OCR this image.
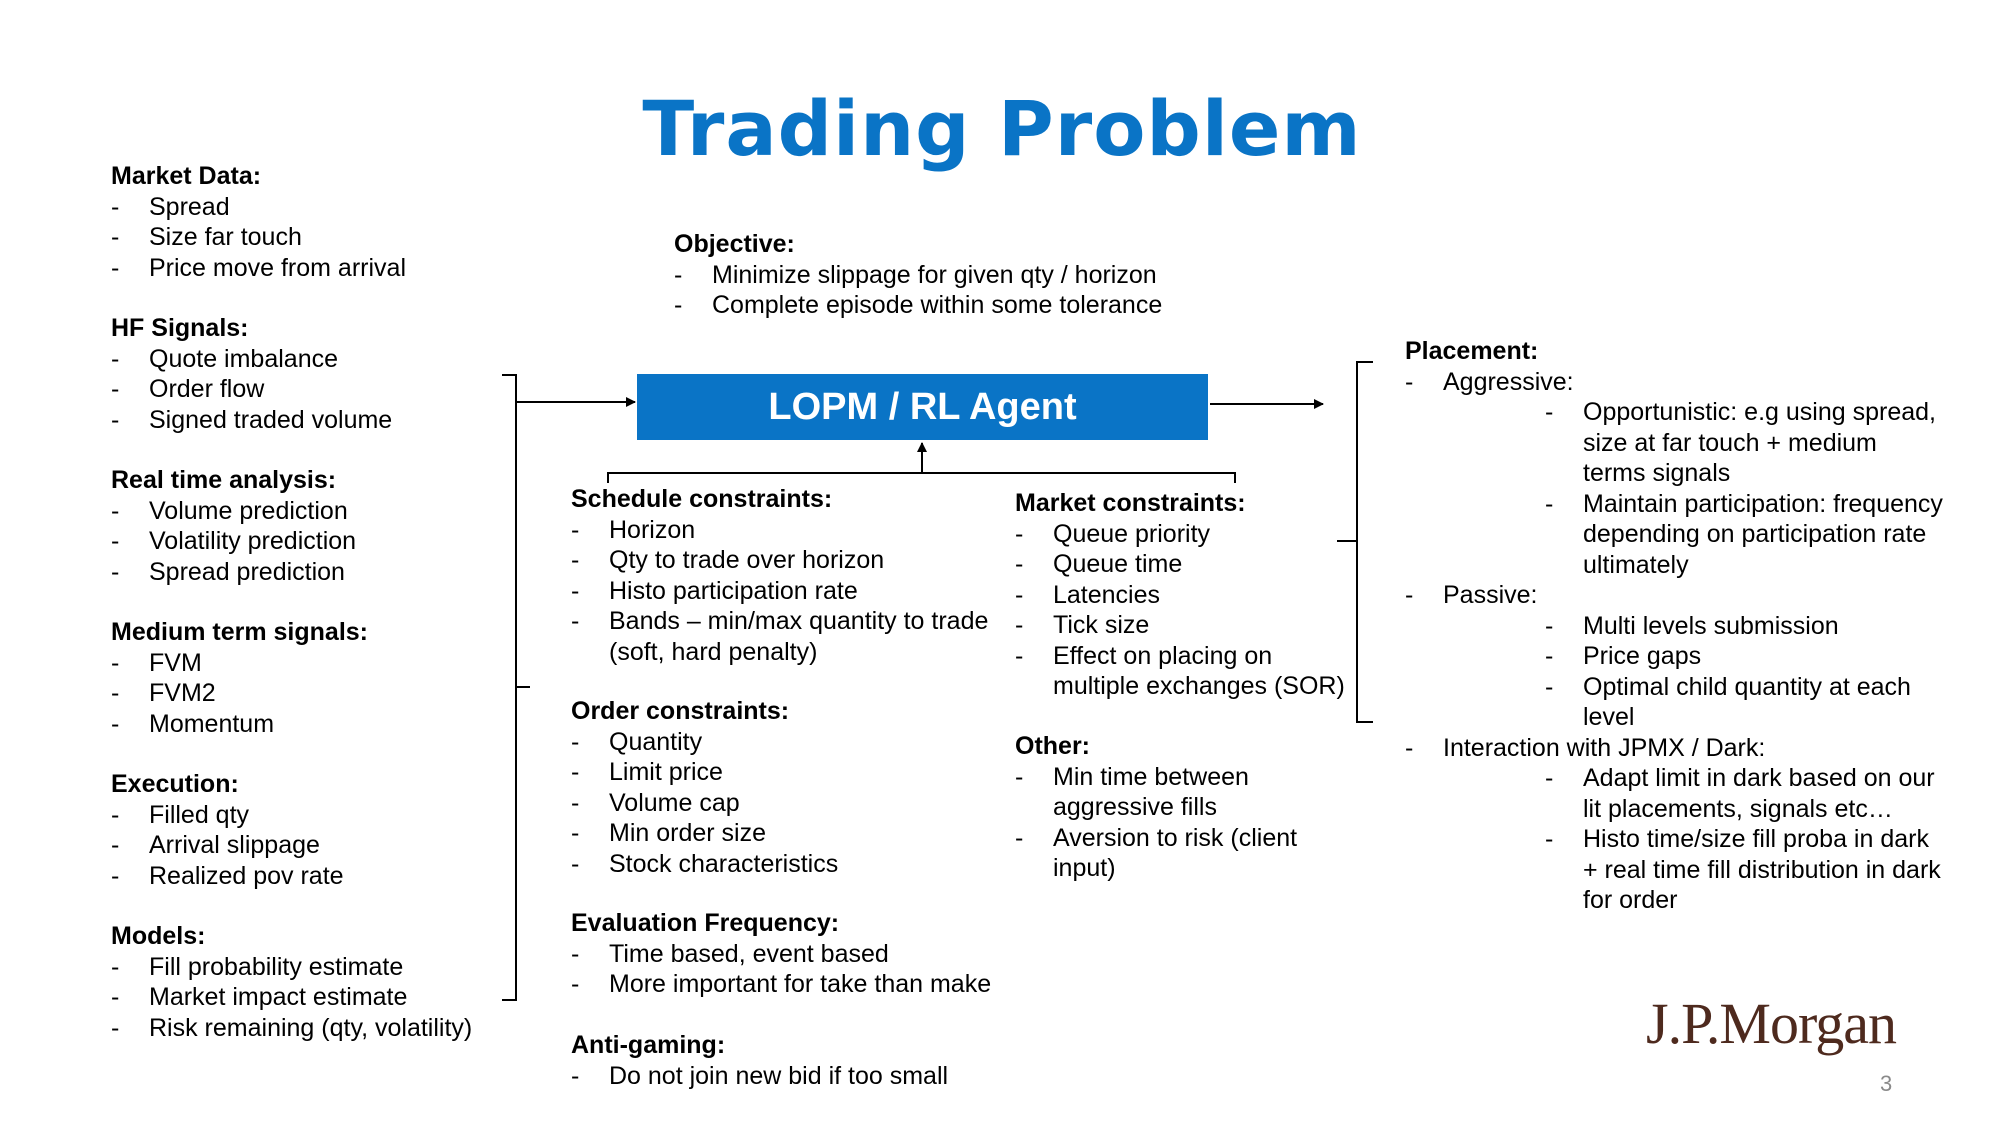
Trading Problem
Market Data:
- Spread
- Size far touch
- Price move from arrival
HF Signals:
- Quote imbalance
- Order flow
- Signed traded volume
Real time analysis:
- Volume prediction
- Volatility prediction
- Spread prediction
Medium term signals:
- FVM
- FVM2
- Momentum
Execution:
- Filled qty
- Arrival slippage
- Realized pov rate
Models:
- Fill probability estimate
- Market impact estimate
- Risk remaining (qty, volatility)
Objective:
- Minimize slippage for given qty / horizon
- Complete episode within some tolerance
LOPM / RL Agent
Schedule constraints:
- Horizon
- Qty to trade over horizon
- Histo participation rate
- Bands – min/max quantity to trade (soft, hard penalty)
Order constraints:
- Quantity
- Limit price
- Volume cap
- Min order size
- Stock characteristics
Evaluation Frequency:
- Time based, event based
- More important for take than make
Anti-gaming:
- Do not join new bid if too small
Market constraints:
- Queue priority
- Queue time
- Latencies
- Tick size
- Effect on placing on multiple exchanges (SOR)
Other:
- Min time between aggressive fills
- Aversion to risk (client input)
Placement:
- Aggressive:
- Opportunistic: e.g using spread, size at far touch + medium terms signals
- Maintain participation: frequency depending on participation rate ultimately
- Passive:
- Multi levels submission
- Price gaps
- Optimal child quantity at each level
- Interaction with JPMX / Dark:
- Adapt limit in dark based on our lit placements, signals etc…
- Histo time/size fill proba in dark + real time fill distribution in dark for order
J.P.Morgan
3
